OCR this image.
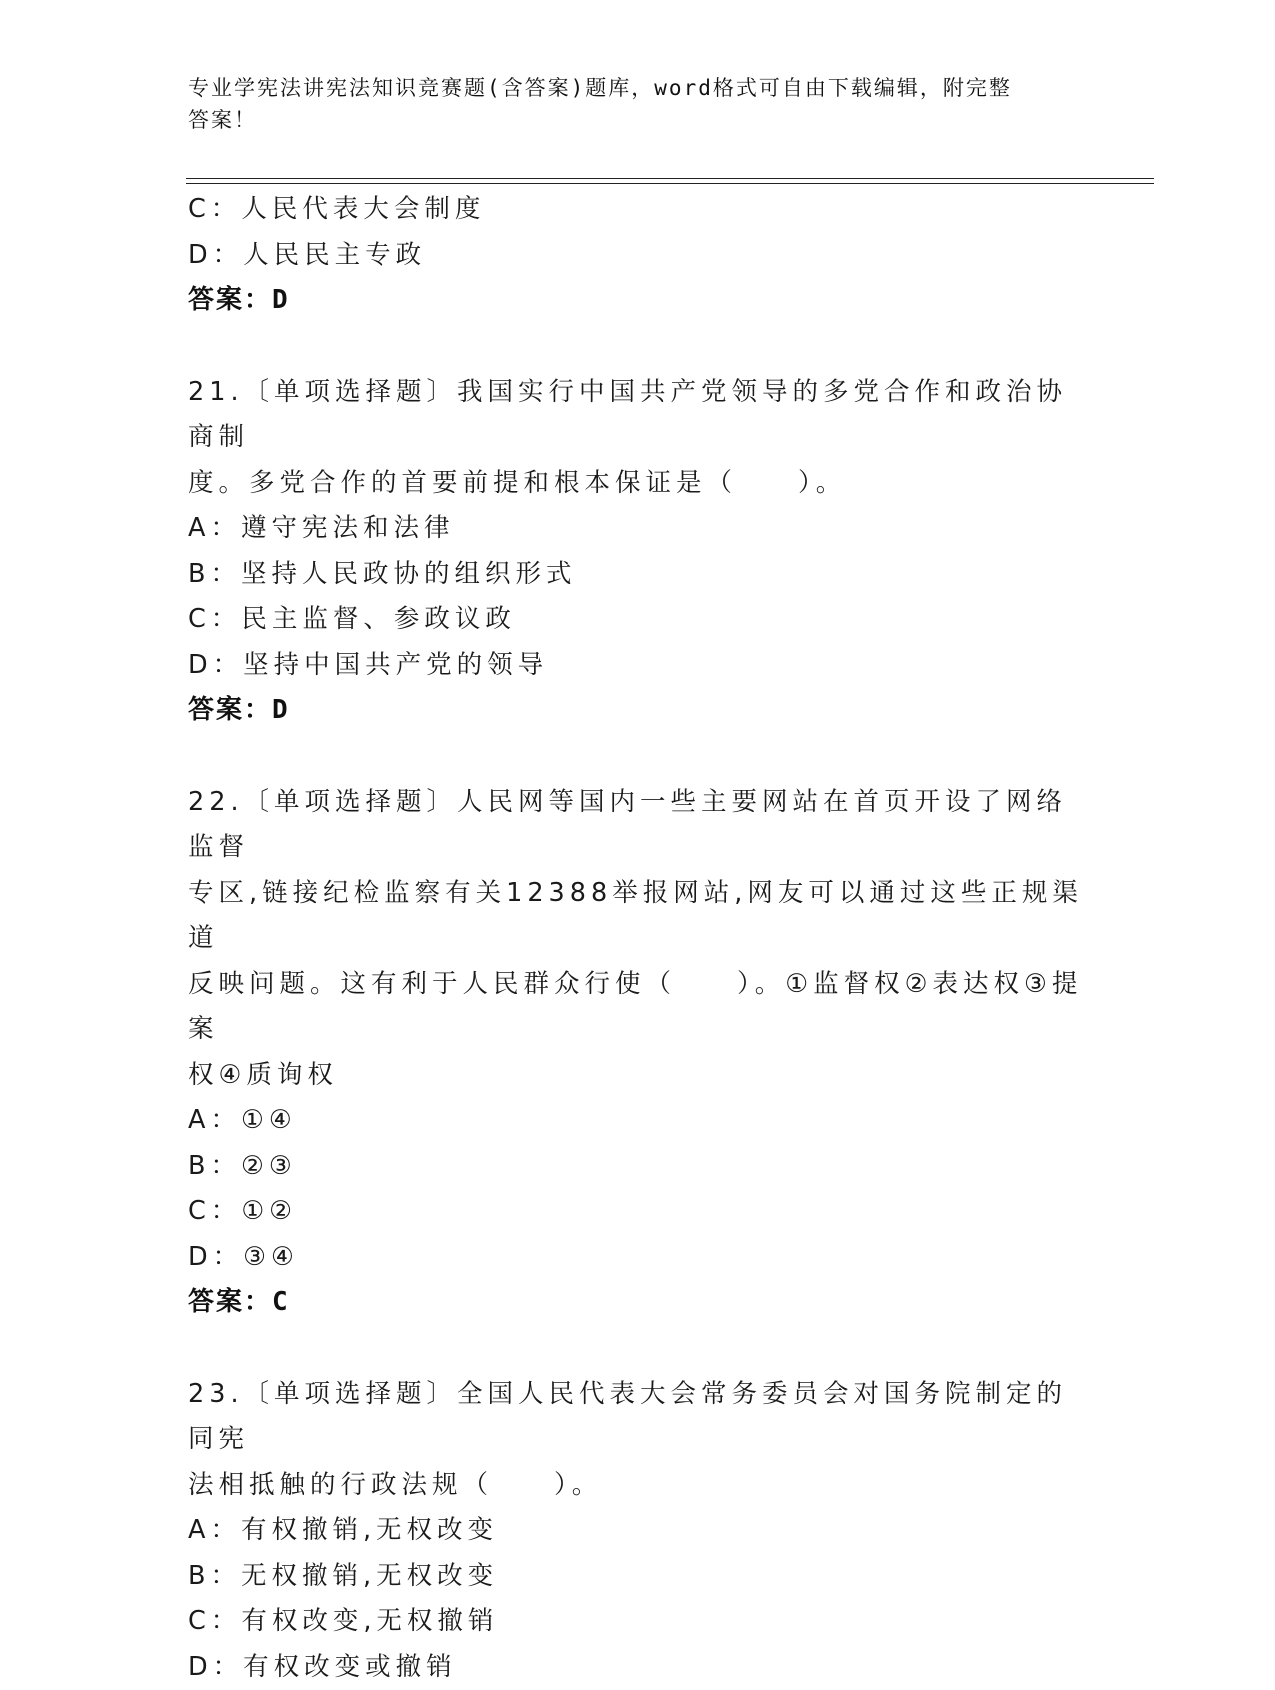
专业学宪法讲宪法知识竞赛题(含答案)题库，word格式可自由下载编辑，附完整
答案！
C：人民代表大会制度
D：人民民主专政
答案：D
21.〔单项选择题〕我国实行中国共产党领导的多党合作和政治协商制
度。多党合作的首要前提和根本保证是（　　）。
A：遵守宪法和法律
B：坚持人民政协的组织形式
C：民主监督、参政议政
D：坚持中国共产党的领导
答案：D
22.〔单项选择题〕人民网等国内一些主要网站在首页开设了网络监督
专区,链接纪检监察有关12388举报网站,网友可以通过这些正规渠道
反映问题。这有利于人民群众行使（　　）。①监督权②表达权③提案
权④质询权
A：①④
B：②③
C：①②
D：③④
答案：C
23.〔单项选择题〕全国人民代表大会常务委员会对国务院制定的同宪
法相抵触的行政法规（　　）。
A：有权撤销,无权改变
B：无权撤销,无权改变
C：有权改变,无权撤销
D：有权改变或撤销
